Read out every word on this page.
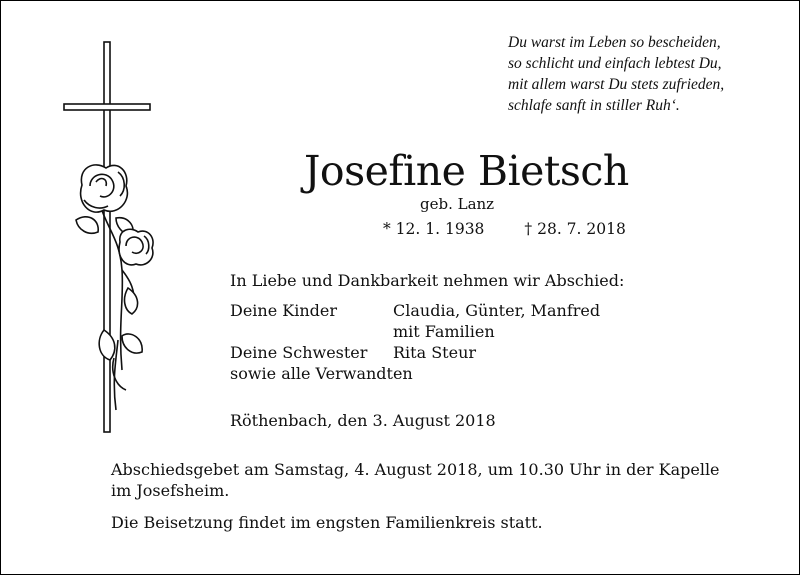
Du warst im Leben so bescheiden,
so schlicht und einfach lebtest Du,
mit allem warst Du stets zufrieden,
schlafe sanft in stiller Ruh‘.
Josefine Bietsch
geb. Lanz
* 12. 1. 1938	† 28. 7. 2018
In Liebe und Dankbarkeit nehmen wir Abschied:
Deine Kinder	Claudia, Günter, Manfred
mit Familien
Deine Schwester	Rita Steur
sowie alle Verwandten
Röthenbach, den 3. August 2018
Abschiedsgebet am Samstag, 4. August 2018, um 10.30 Uhr in der Kapelle
im Josefsheim.
Die Beisetzung findet im engsten Familienkreis statt.
